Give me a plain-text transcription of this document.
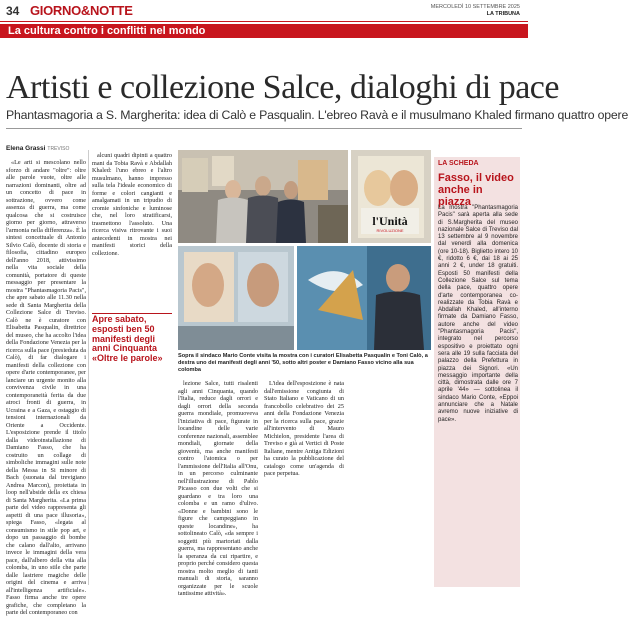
34 GIORNO&NOTTE	MERCOLEDÌ 10 SETTEMBRE 2025
LA TRIBUNA
La cultura contro i conflitti nel mondo
Artisti e collezione Salce, dialoghi di pace
Phantasmagoria a S. Margherita: idea di Calò e Pasqualin. L'ebreo Ravà e il musulmano Khaled firmano quattro opere
Elena Grassi TREVISO

«Le arti si mescolano nello sforzo di andare "oltre": oltre alle parole vuote, oltre alle narrazioni dominanti, oltre ad un concetto di pace in sottrazione, ovvero come assenza di guerra, ma come qualcosa che si costruisce giorno per giorno, attraverso l'armonia nella differenza». È la sintesi concettuale di Antonio Silvio Calò, docente di storia e filosofia, cittadino europeo dell'anno 2018, attivissimo nella vita sociale della comunità, portatore di queste messaggio per presentare la mostra "Phantasmagoria Pacis", che apre sabato alle 11.30 nella sede di Santa Margherita della Collezione Salce di Treviso. Calò ne è curatore con Elisabetta Pasqualin, direttrice del museo, che ha accolto l'idea della Fondazione Venezia per la ricerca sulla pace (presieduta da Calò), di far dialogare i manifesti della collezione con opere d'arte contemporanee, per lanciare un urgente monito alla convivenza civile in una contemporaneità ferita da due atroci fronti di guerra, in Ucraina e a Gaza, e ostaggio di tensioni internazionali da Oriente a Occidente. L'esposizione prende il titolo dalla videoinstallazione di Damiano Fasso, che ha costruito un collage di simboliche immagini sulle note della Messa in Si minore di Bach (suonata dal trevigiano Andrea Marcon), proiettata in loop nell'abside della ex chiesa di Santa Margherita. «La prima parte del video rappresenta gli aspetti di una pace illusoria», spiega Fasso, «legata al consumismo in stile pop art, e dopo un passaggio di bombe che calano dall'alto, arrivano invece le immagini della vera pace, dall'albero della vita alla colomba, in uno stile che parte dalle lastriere magiche delle origini del cinema e arriva all'intelligenza artificiale». Fasso firma anche tre opere grafiche, che completano la parte del contemporaneo con

l'Unità
RIVOLUZIONE
Sopra il sindaco Mario Conte visita la mostra con i curatori Elisabetta Pasqualin e Toni Calò, a destra uno dei manifesti degli anni '50, sotto altri poster e Damiano Fasso vicino alla sua colomba

alcuni quadri dipinti a quattro mani da Tobia Ravà e Abdallah Khaled: l'uno ebreo e l'altro musulmano, hanno impresso sulla tela l'ideale economico di forme e colori cangianti e amalgamati in un tripudio di cromie sinfoniche e luminose che, nel loro stratificarsi, trasmettono l'assoluto. Una ricerca visiva ritrovante i suoi antecedenti in mostra nei manifesti storici della collezione.

Apre sabato, esposti ben 50 manifesti degli anni Cinquanta «Oltre le parole»

lezione Salce, tutti risalenti agli anni Cinquanta, quando l'Italia, reduce dagli orrori e dagli orrori della seconda guerra mondiale, promuoveva l'iniziativa di pace, figurate in locandine delle varie conferenze nazionali, assemblee mondiali, giornate della gioventù, ma anche manifesti contro l'atomica o per l'ammissione dell'Italia all'Onu, in un percorso culminante nell'illustrazione di Pablo Picasso con due volti che si guardano e tra loro una colomba e un ramo d'ulivo. «Donne e bambini sono le figure che campeggiano in queste locandine», ha sottolineato Calò, «da sempre i soggetti più martoriati dalla guerra, ma rappresentano anche la speranza da cui ripartire, e proprio perché considero questa mostra molto meglio di tanti manuali di storia, saranno organizzate per le scuole tantissime attività».

L'idea dell'esposizione è nata dall'emissione congiunta di Stato Italiano e Vaticano di un francobollo celebrativo dei 25 anni della Fondazione Venezia per la ricerca sulla pace, grazie all'intervento di Mauro Michielon, presidente l'area di Treviso e già ai Vertici di Poste Italiane, mentre Antiga Edizioni ha curato la pubblicazione del catalogo come un'agenda di pace perpetua.

LA SCHEDA
Fasso, il video anche in piazza
La mostra "Phantasmagoria Pacis" sarà aperta alla sede di S.Margherita del museo nazionale Salce di Treviso dal 13 settembre al 9 novembre dal venerdì alla domenica (ore 10-18). Biglietto intero 10 €, ridotto 6 €, dai 18 ai 25 anni 2 €, under 18 gratuiti. Esposti 50 manifesti della Collezione Salce sul tema della pace, quattro opere d'arte contemporanea co-realizzate da Tobia Ravà e Abdallah Khaled, all'interno firmate da Damiano Fasso, autore anche del video "Phantasmagoria Pacis", integrato nel percorso espositivo e proiettato ogni sera alle 19 sulla facciata del palazzo della Prefettura in piazza dei Signori. «Un messaggio importante della città, dimostrata dalle ore 7 aprile '44» — sottolinea il sindaco Mario Conte, «Eppoi annunciare che a Natale avremo nuove iniziative di pace».
